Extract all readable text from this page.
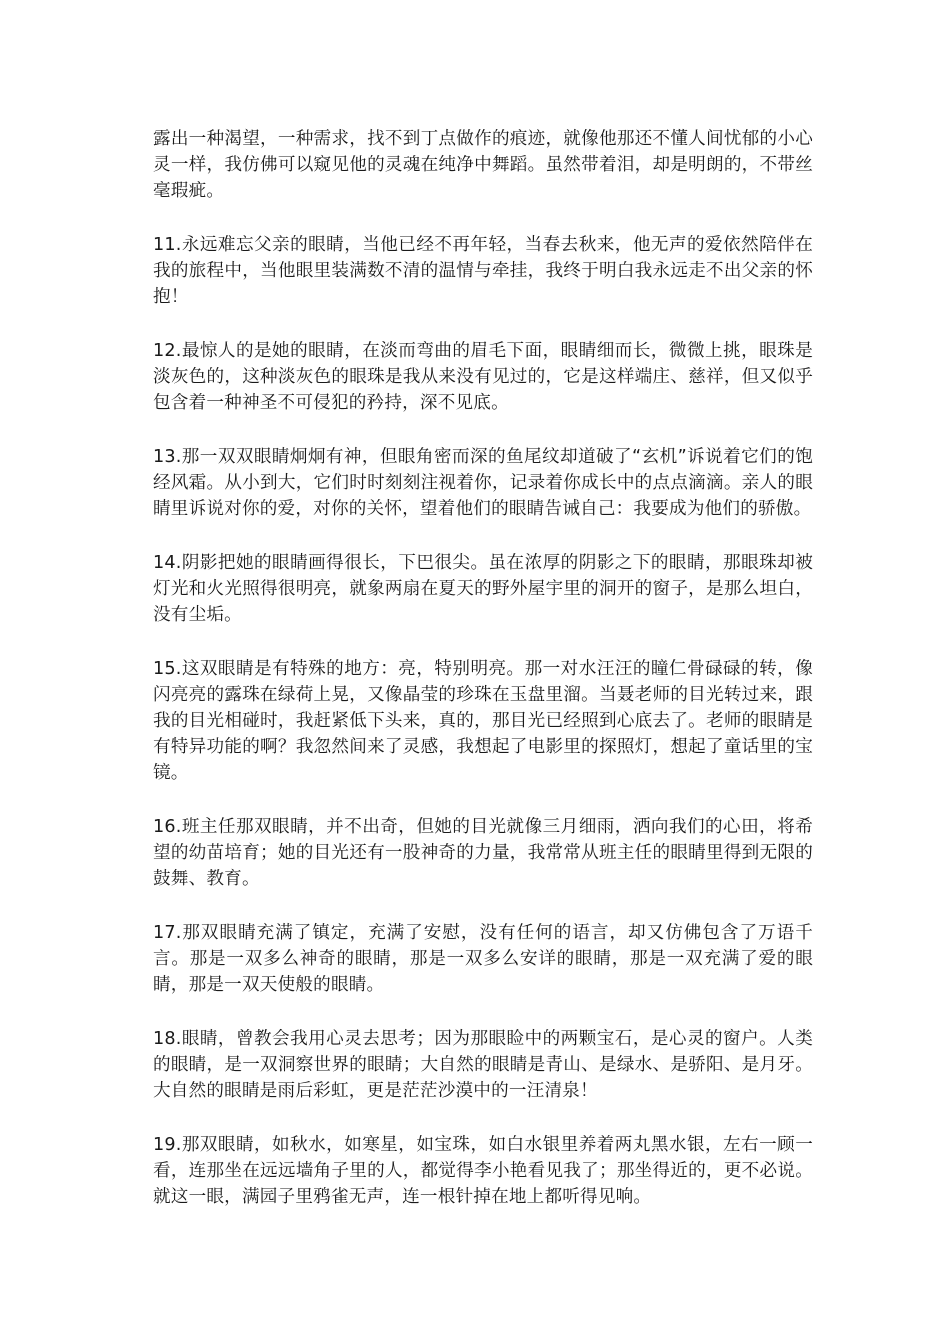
露出一种渴望，一种需求，找不到丁点做作的痕迹，就像他那还不懂人间忧郁的小心灵一样，我仿佛可以窥见他的灵魂在纯净中舞蹈。虽然带着泪，却是明朗的，不带丝毫瑕疵。

11.永远难忘父亲的眼睛，当他已经不再年轻，当春去秋来，他无声的爱依然陪伴在我的旅程中，当他眼里装满数不清的温情与牵挂，我终于明白我永远走不出父亲的怀抱！

12.最惊人的是她的眼睛，在淡而弯曲的眉毛下面，眼睛细而长，微微上挑，眼珠是淡灰色的，这种淡灰色的眼珠是我从来没有见过的，它是这样端庄、慈祥，但又似乎包含着一种神圣不可侵犯的矜持，深不见底。

13.那一双双眼睛炯炯有神，但眼角密而深的鱼尾纹却道破了“玄机”诉说着它们的饱经风霜。从小到大，它们时时刻刻注视着你，记录着你成长中的点点滴滴。亲人的眼睛里诉说对你的爱，对你的关怀，望着他们的眼睛告诫自己：我要成为他们的骄傲。

14.阴影把她的眼睛画得很长，下巴很尖。虽在浓厚的阴影之下的眼睛，那眼珠却被灯光和火光照得很明亮，就象两扇在夏天的野外屋宇里的洞开的窗子，是那么坦白，没有尘垢。

15.这双眼睛是有特殊的地方：亮，特别明亮。那一对水汪汪的瞳仁骨碌碌的转，像闪亮亮的露珠在绿荷上晃，又像晶莹的珍珠在玉盘里溜。当聂老师的目光转过来，跟我的目光相碰时，我赶紧低下头来，真的，那目光已经照到心底去了。老师的眼睛是有特异功能的啊？我忽然间来了灵感，我想起了电影里的探照灯，想起了童话里的宝镜。

16.班主任那双眼睛，并不出奇，但她的目光就像三月细雨，洒向我们的心田，将希望的幼苗培育；她的目光还有一股神奇的力量，我常常从班主任的眼睛里得到无限的鼓舞、教育。

17.那双眼睛充满了镇定，充满了安慰，没有任何的语言，却又仿佛包含了万语千言。那是一双多么神奇的眼睛，那是一双多么安详的眼睛，那是一双充满了爱的眼睛，那是一双天使般的眼睛。

18.眼睛，曾教会我用心灵去思考；因为那眼睑中的两颗宝石，是心灵的窗户。人类的眼睛，是一双洞察世界的眼睛；大自然的眼睛是青山、是绿水、是骄阳、是月牙。大自然的眼睛是雨后彩虹，更是茫茫沙漠中的一汪清泉！

19.那双眼睛，如秋水，如寒星，如宝珠，如白水银里养着两丸黑水银，左右一顾一看，连那坐在远远墙角子里的人，都觉得李小艳看见我了；那坐得近的，更不必说。就这一眼，满园子里鸦雀无声，连一根针掉在地上都听得见响。
